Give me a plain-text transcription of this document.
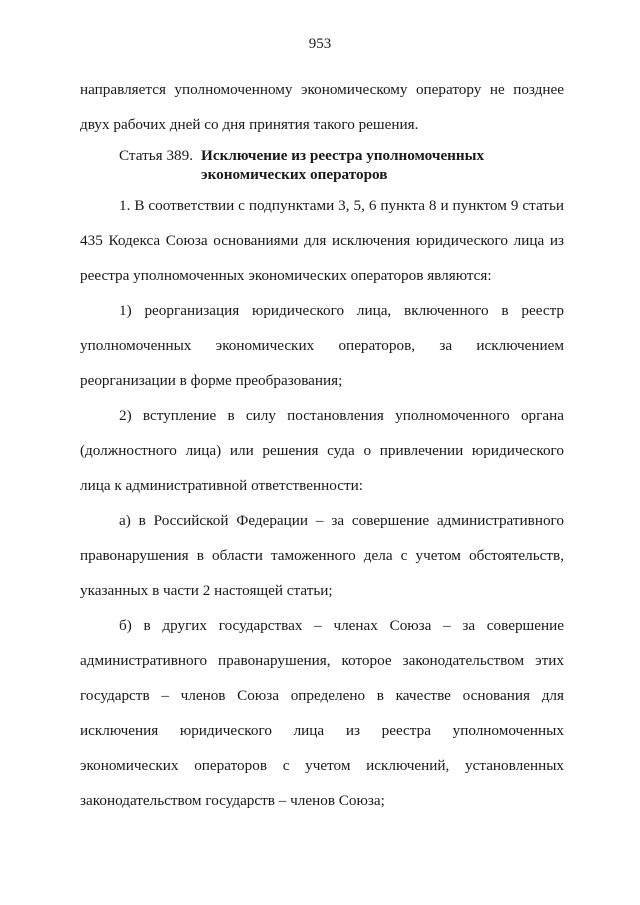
953

направляется уполномоченному экономическому оператору не позднее двух рабочих дней со дня принятия такого решения.

Статья 389. Исключение из реестра уполномоченных
экономических операторов

1. В соответствии с подпунктами 3, 5, 6 пункта 8 и пунктом 9 статьи 435 Кодекса Союза основаниями для исключения юридического лица из реестра уполномоченных экономических операторов являются:

1) реорганизация юридического лица, включенного в реестр уполномоченных экономических операторов, за исключением реорганизации в форме преобразования;

2) вступление в силу постановления уполномоченного органа (должностного лица) или решения суда о привлечении юридического лица к административной ответственности:

а) в Российской Федерации – за совершение административного правонарушения в области таможенного дела с учетом обстоятельств, указанных в части 2 настоящей статьи;

б) в других государствах – членах Союза – за совершение административного правонарушения, которое законодательством этих государств – членов Союза определено в качестве основания для исключения юридического лица из реестра уполномоченных экономических операторов с учетом исключений, установленных законодательством государств – членов Союза;
